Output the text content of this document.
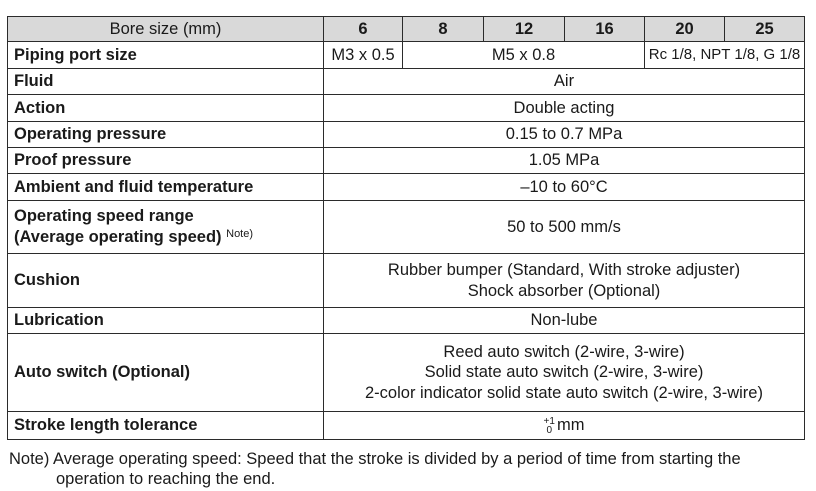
Bore size (mm)	6	8	12	16	20	25
Piping port size	M3 x 0.5	M5 x 0.8			Rc 1/8, NPT 1/8, G 1/8	
Fluid	Air					
Action	Double acting					
Operating pressure	0.15 to 0.7 MPa					
Proof pressure	1.05 MPa					
Ambient and fluid temperature	–10 to 60°C					
Operating speed range
(Average operating speed) $^{Note)}$	50 to 500 mm/s					
Cushion	Rubber bumper (Standard, With stroke adjuster)
Shock absorber (Optional)					
Lubrication	Non-lube					
Auto switch (Optional)	Reed auto switch (2-wire, 3-wire)
Solid state auto switch (2-wire, 3-wire)
2-color indicator solid state auto switch (2-wire, 3-wire)					
Stroke length tolerance	+1
0 mm					
Note) Average operating speed: Speed that the stroke is divided by a period of time from starting the
operation to reaching the end.
